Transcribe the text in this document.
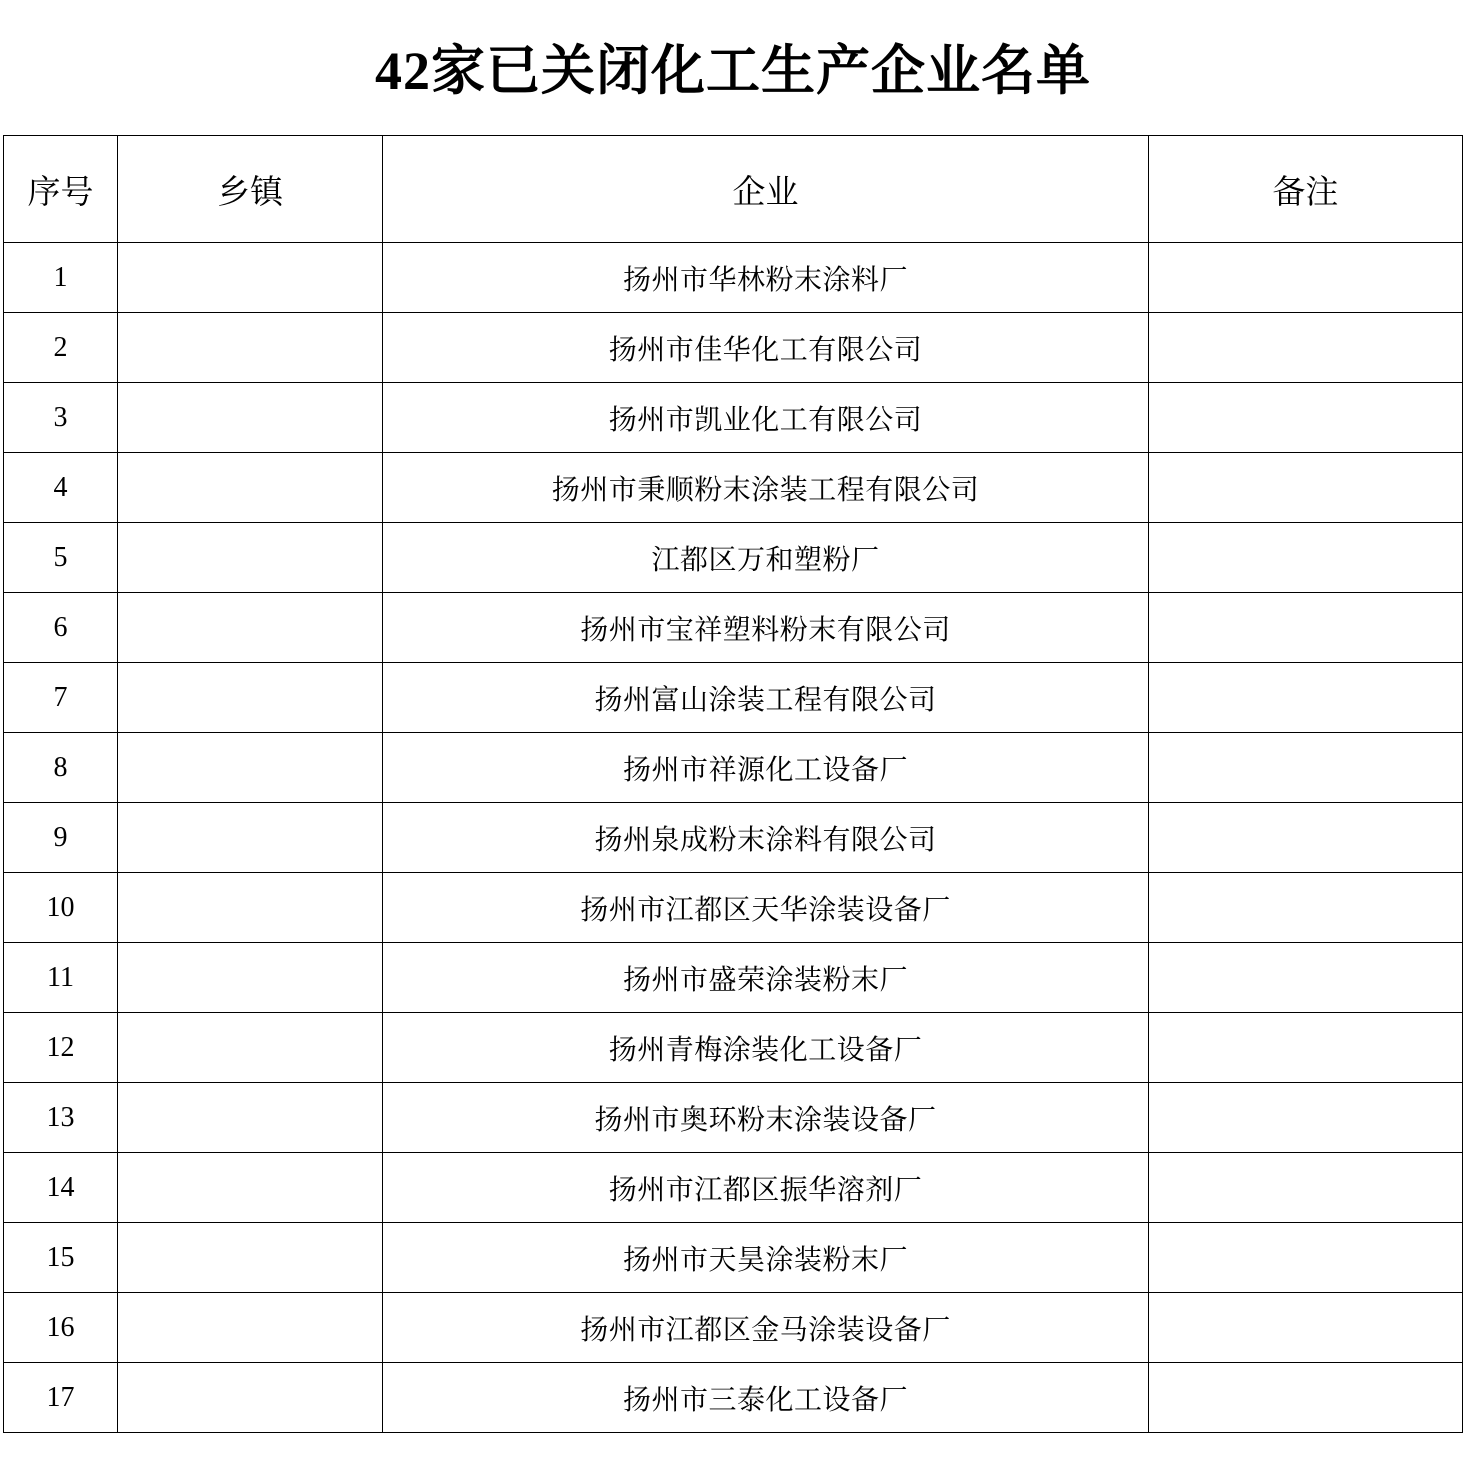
42家已关闭化工生产企业名单
序号	乡镇	企业	备注
1		扬州市华林粉末涂料厂	
2		扬州市佳华化工有限公司	
3		扬州市凯业化工有限公司	
4		扬州市秉顺粉末涂装工程有限公司	
5		江都区万和塑粉厂	
6		扬州市宝祥塑料粉末有限公司	
7		扬州富山涂装工程有限公司	
8		扬州市祥源化工设备厂	
9		扬州泉成粉末涂料有限公司	
10		扬州市江都区天华涂装设备厂	
11		扬州市盛荣涂装粉末厂	
12		扬州青梅涂装化工设备厂	
13		扬州市奥环粉末涂装设备厂	
14		扬州市江都区振华溶剂厂	
15		扬州市天昊涂装粉末厂	
16		扬州市江都区金马涂装设备厂	
17		扬州市三泰化工设备厂	
